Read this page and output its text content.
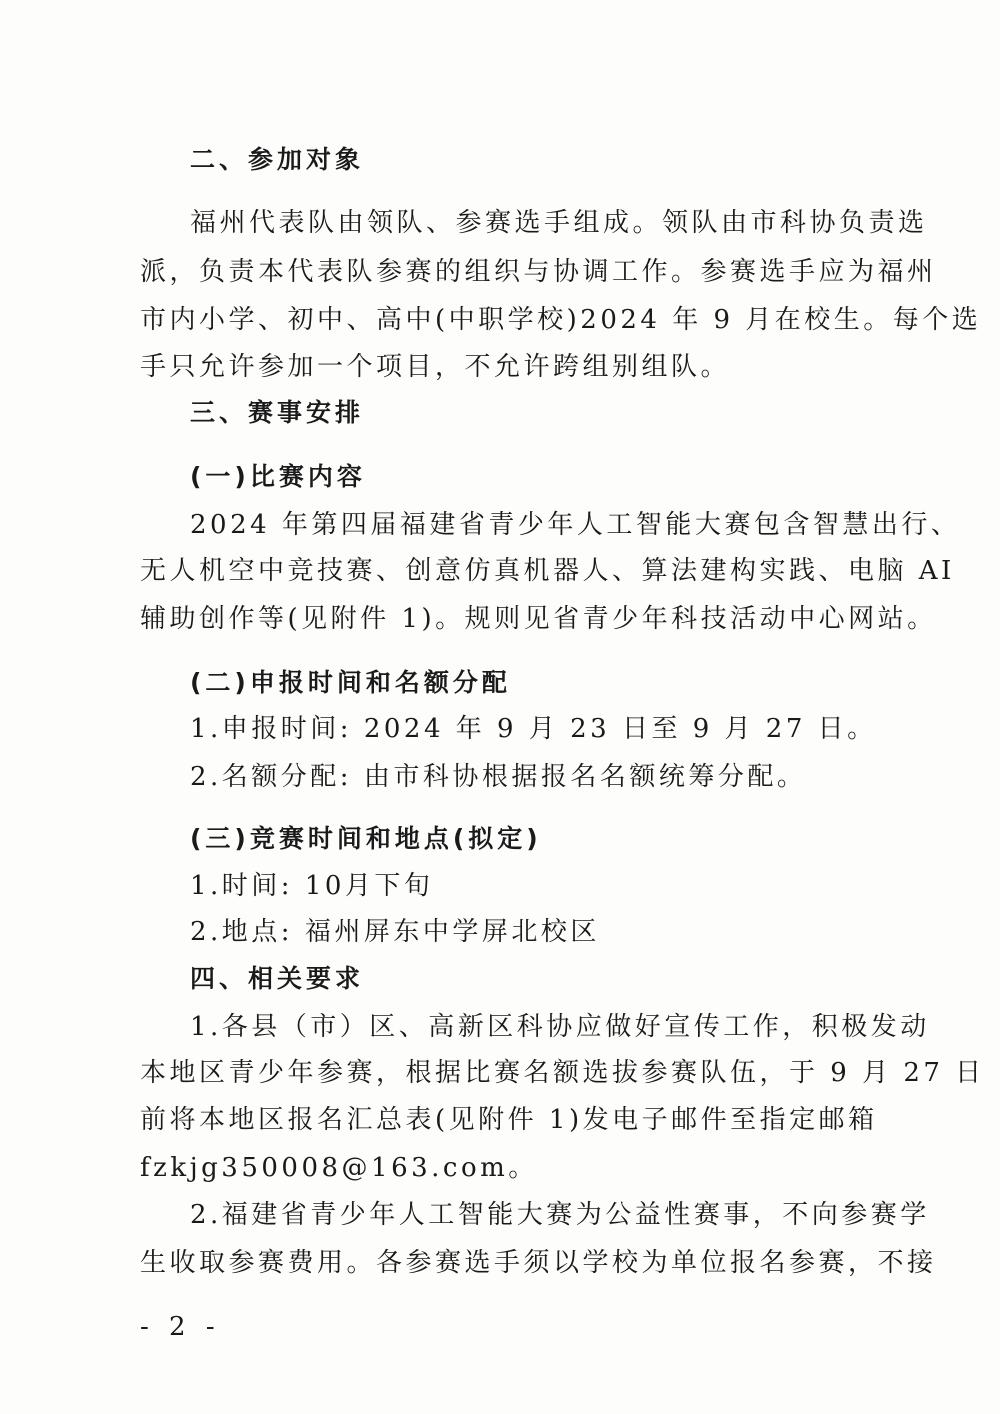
二、参加对象
福州代表队由领队、参赛选手组成。领队由市科协负责选
派，负责本代表队参赛的组织与协调工作。参赛选手应为福州
市内小学、初中、高中(中职学校)2024 年 9 月在校生。每个选
手只允许参加一个项目，不允许跨组别组队。
三、赛事安排
(一)比赛内容
2024 年第四届福建省青少年人工智能大赛包含智慧出行、
无人机空中竞技赛、创意仿真机器人、算法建构实践、电脑 AI
辅助创作等(见附件 1)。规则见省青少年科技活动中心网站。
(二)申报时间和名额分配
1.申报时间: 2024 年 9 月 23 日至 9 月 27 日。
2.名额分配: 由市科协根据报名名额统筹分配。
(三)竞赛时间和地点(拟定)
1.时间: 10月下旬
2.地点: 福州屏东中学屏北校区
四、相关要求
1.各县（市）区、高新区科协应做好宣传工作，积极发动
本地区青少年参赛，根据比赛名额选拔参赛队伍，于 9 月 27 日
前将本地区报名汇总表(见附件 1)发电子邮件至指定邮箱
fzkjg350008@163.com。
2.福建省青少年人工智能大赛为公益性赛事，不向参赛学
生收取参赛费用。各参赛选手须以学校为单位报名参赛，不接
- 2 -
